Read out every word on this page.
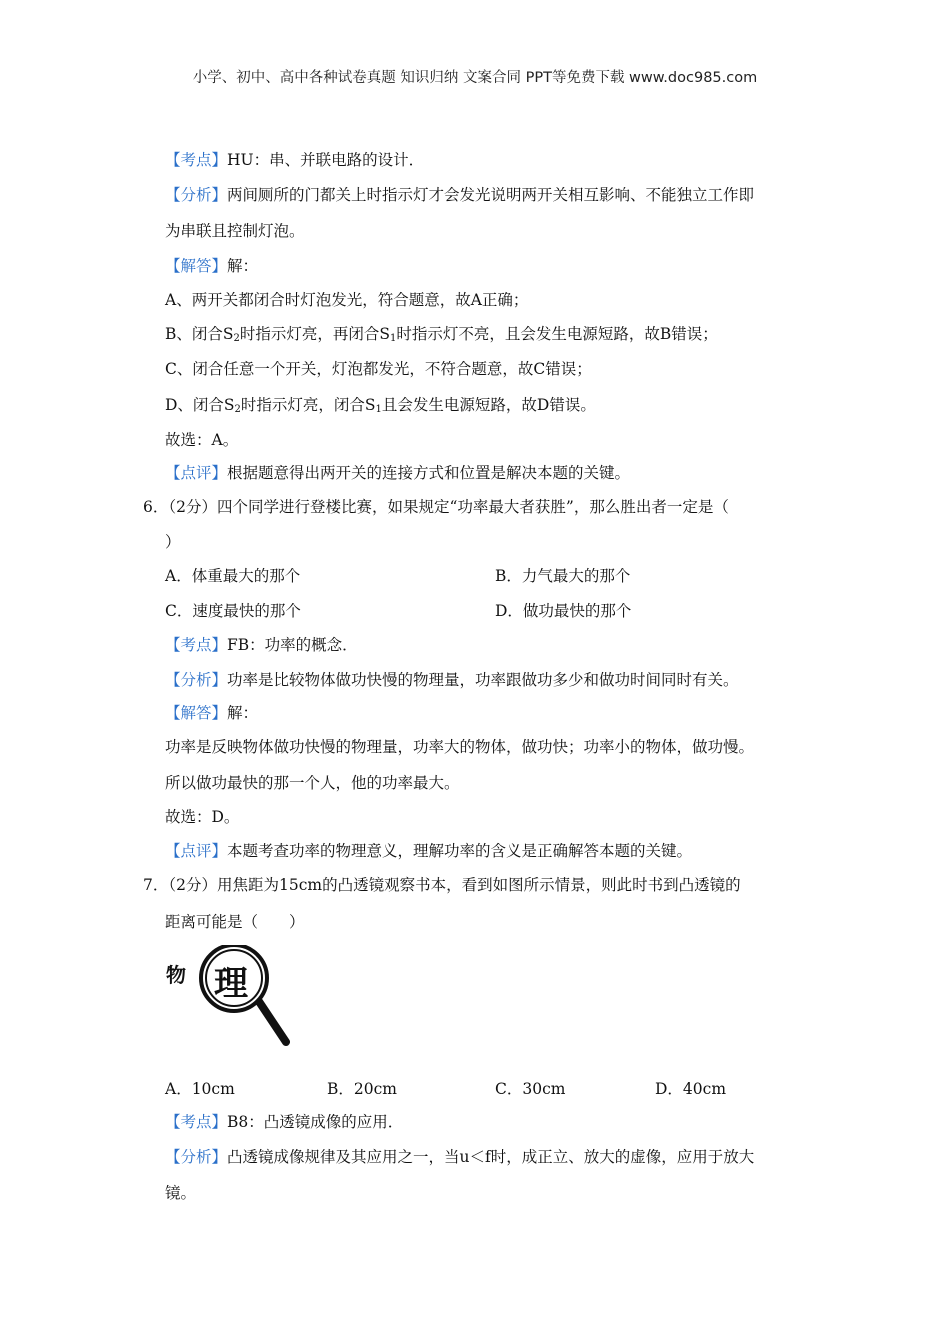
小学、初中、高中各种试卷真题 知识归纳 文案合同 PPT等免费下载 www.doc985.com
【考点】HU：串、并联电路的设计．
【分析】两间厕所的门都关上时指示灯才会发光说明两开关相互影响、不能独立工作即
为串联且控制灯泡。
【解答】解：
A、两开关都闭合时灯泡发光，符合题意，故A正确；
B、闭合$S_2$时指示灯亮，再闭合$S_1$时指示灯不亮，且会发生电源短路，故B错误；
C、闭合任意一个开关，灯泡都发光，不符合题意，故C错误；
D、闭合$S_2$时指示灯亮，闭合$S_1$且会发生电源短路，故D错误。
故选：A。
【点评】根据题意得出两开关的连接方式和位置是解决本题的关键。
6．（2分）四个同学进行登楼比赛，如果规定“功率最大者获胜”，那么胜出者一定是（
）
A．体重最大的那个	B．力气最大的那个
C．速度最快的那个	D．做功最快的那个
【考点】FB：功率的概念．
【分析】功率是比较物体做功快慢的物理量，功率跟做功多少和做功时间同时有关。
【解答】解：
功率是反映物体做功快慢的物理量，功率大的物体，做功快；功率小的物体，做功慢。
所以做功最快的那一个人，他的功率最大。
故选：D。
【点评】本题考查功率的物理意义，理解功率的含义是正确解答本题的关键。
7．（2分）用焦距为15cm的凸透镜观察书本，看到如图所示情景，则此时书到凸透镜的
距离可能是（　　）
物 理
A．10cm	B．20cm	C．30cm	D．40cm
【考点】B8：凸透镜成像的应用．
【分析】凸透镜成像规律及其应用之一，当u＜f时，成正立、放大的虚像，应用于放大
镜。
